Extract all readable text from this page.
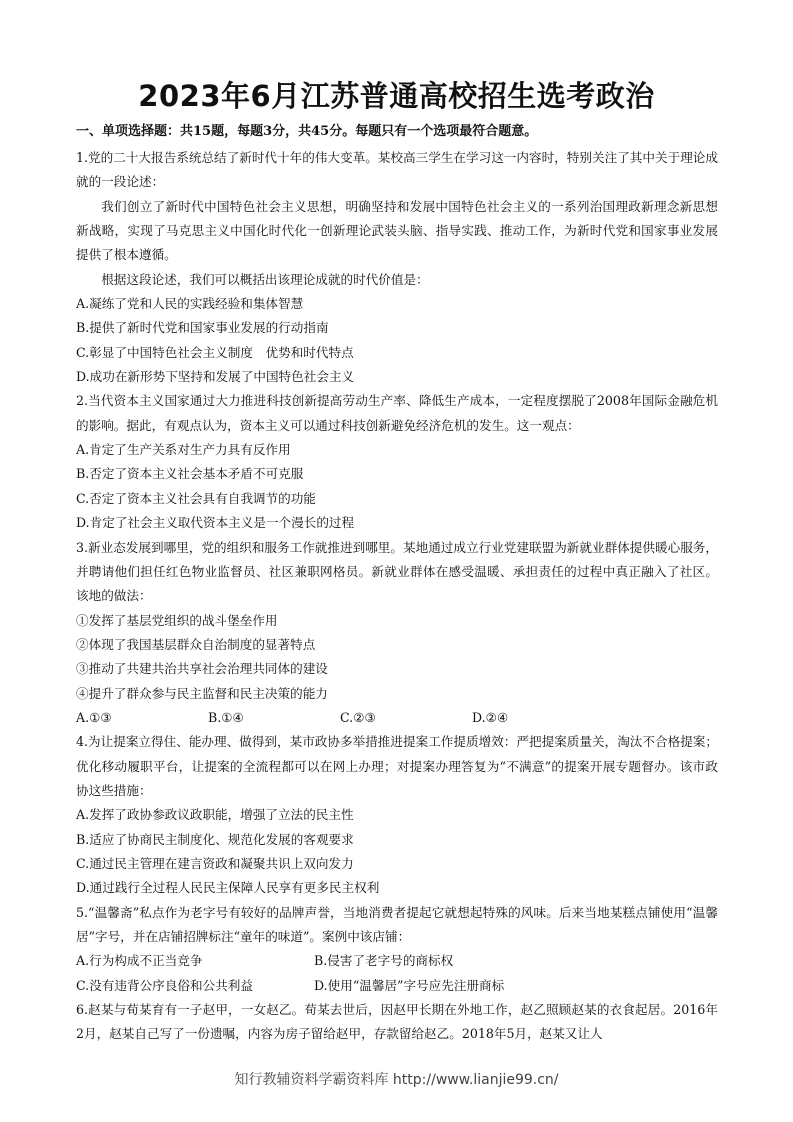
2023年6月江苏普通高校招生选考政治
一、单项选择题：共15题，每题3分，共45分。每题只有一个选项最符合题意。

1.党的二十大报告系统总结了新时代十年的伟大变革。某校高三学生在学习这一内容时，特别关注了其中关于理论成就的一段论述：

我们创立了新时代中国特色社会主义思想，明确坚持和发展中国特色社会主义的一系列治国理政新理念新思想新战略，实现了马克思主义中国化时代化一创新理论武装头脑、指导实践、推动工作，为新时代党和国家事业发展提供了根本遵循。

根据这段论述，我们可以概括出该理论成就的时代价值是：

A.凝练了党和人民的实践经验和集体智慧

B.提供了新时代党和国家事业发展的行动指南

C.彰显了中国特色社会主义制度　优势和时代特点

D.成功在新形势下坚持和发展了中国特色社会主义

2.当代资本主义国家通过大力推进科技创新提高劳动生产率、降低生产成本，一定程度摆脱了2008年国际金融危机的影响。据此，有观点认为，资本主义可以通过科技创新避免经济危机的发生。这一观点：

A.肯定了生产关系对生产力具有反作用

B.否定了资本主义社会基本矛盾不可克服

C.否定了资本主义社会具有自我调节的功能

D.肯定了社会主义取代资本主义是一个漫长的过程

3.新业态发展到哪里，党的组织和服务工作就推进到哪里。某地通过成立行业党建联盟为新就业群体提供暖心服务，并聘请他们担任红色物业监督员、社区兼职网格员。新就业群体在感受温暖、承担责任的过程中真正融入了社区。该地的做法：

①发挥了基层党组织的战斗堡垒作用

②体现了我国基层群众自治制度的显著特点

③推动了共建共治共享社会治理共同体的建设

④提升了群众参与民主监督和民主决策的能力

A.①③	B.①④	C.②③	D.②④

4.为让提案立得住、能办理、做得到，某市政协多举措推进提案工作提质增效：严把提案质量关，淘汰不合格提案；优化移动履职平台，让提案的全流程都可以在网上办理；对提案办理答复为“不满意”的提案开展专题督办。该市政协这些措施：

A.发挥了政协参政议政职能，增强了立法的民主性

B.适应了协商民主制度化、规范化发展的客观要求

C.通过民主管理在建言资政和凝聚共识上双向发力

D.通过践行全过程人民民主保障人民享有更多民主权利

5.“温馨斋”私点作为老字号有较好的品牌声誉，当地消费者提起它就想起特殊的风味。后来当地某糕点铺使用“温馨居”字号，并在店铺招牌标注“童年的味道”。案例中该店铺：

A.行为构成不正当竞争	B.侵害了老字号的商标权
C.没有违背公序良俗和公共利益	D.使用“温馨居”字号应先注册商标

6.赵某与荀某育有一子赵甲，一女赵乙。荀某去世后，因赵甲长期在外地工作，赵乙照顾赵某的衣食起居。2016年2月，赵某自己写了一份遗嘱，内容为房子留给赵甲，存款留给赵乙。2018年5月，赵某又让人

知行教辅资料学霸资料库 http://www.lianjie99.cn/
